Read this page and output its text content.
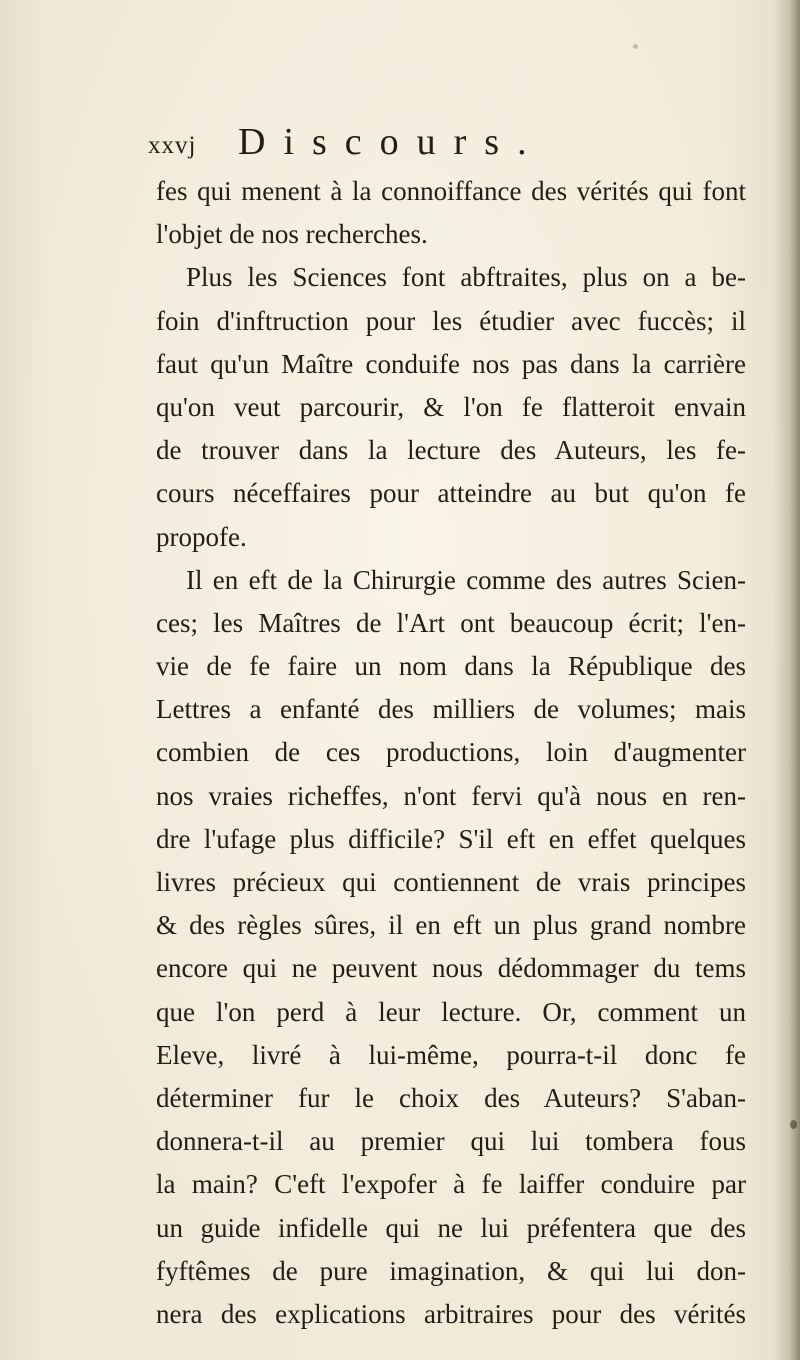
xxvj Discours.
fes qui menent à la connoiffance des vérités qui font
l'objet de nos recherches.
Plus les Sciences font abftraites, plus on a be-
foin d'inftruction pour les étudier avec fuccès; il
faut qu'un Maître conduife nos pas dans la carrière
qu'on veut parcourir, & l'on fe flatteroit envain
de trouver dans la lecture des Auteurs, les fe-
cours néceffaires pour atteindre au but qu'on fe
propofe.
Il en eft de la Chirurgie comme des autres Scien-
ces; les Maîtres de l'Art ont beaucoup écrit; l'en-
vie de fe faire un nom dans la République des
Lettres a enfanté des milliers de volumes; mais
combien de ces productions, loin d'augmenter
nos vraies richeffes, n'ont fervi qu'à nous en ren-
dre l'ufage plus difficile? S'il eft en effet quelques
livres précieux qui contiennent de vrais principes
& des règles sûres, il en eft un plus grand nombre
encore qui ne peuvent nous dédommager du tems
que l'on perd à leur lecture. Or, comment un
Eleve, livré à lui-même, pourra-t-il donc fe
déterminer fur le choix des Auteurs? S'aban-
donnera-t-il au premier qui lui tombera fous
la main? C'eft l'expofer à fe laiffer conduire par
un guide infidelle qui ne lui préfentera que des
fyftêmes de pure imagination, & qui lui don-
nera des explications arbitraires pour des vérités
